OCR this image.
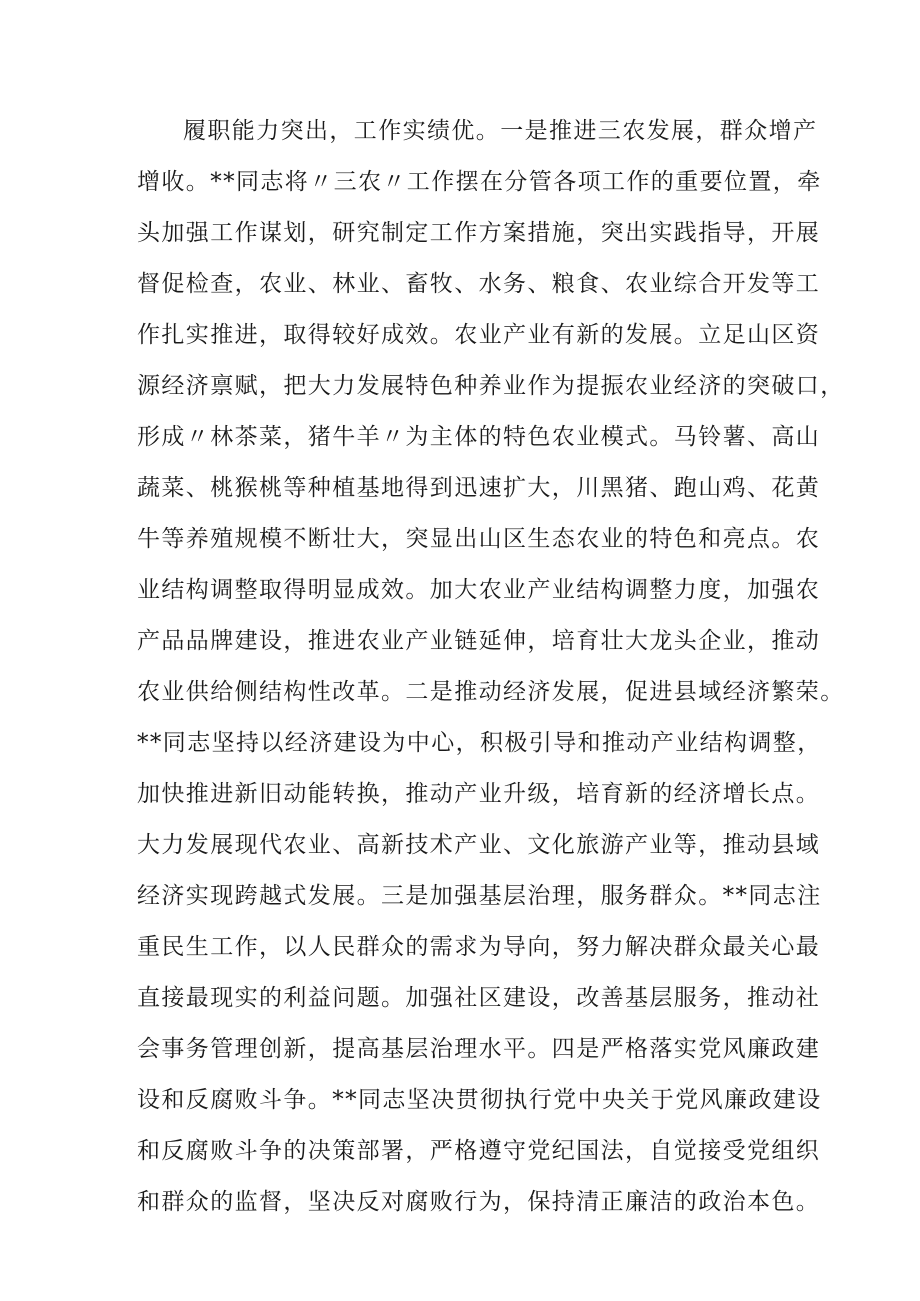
履职能力突出，工作实绩优。一是推进三农发展，群众增产
增收。**同志将〃三农〃工作摆在分管各项工作的重要位置，牵
头加强工作谋划，研究制定工作方案措施，突出实践指导，开展
督促检查，农业、林业、畜牧、水务、粮食、农业综合开发等工
作扎实推进，取得较好成效。农业产业有新的发展。立足山区资
源经济禀赋，把大力发展特色种养业作为提振农业经济的突破口，
形成〃林茶菜，猪牛羊〃为主体的特色农业模式。马铃薯、高山
蔬菜、桃猴桃等种植基地得到迅速扩大，川黑猪、跑山鸡、花黄
牛等养殖规模不断壮大，突显出山区生态农业的特色和亮点。农
业结构调整取得明显成效。加大农业产业结构调整力度，加强农
产品品牌建设，推进农业产业链延伸，培育壮大龙头企业，推动
农业供给侧结构性改革。二是推动经济发展，促进县域经济繁荣。
**同志坚持以经济建设为中心，积极引导和推动产业结构调整，
加快推进新旧动能转换，推动产业升级，培育新的经济增长点。
大力发展现代农业、高新技术产业、文化旅游产业等，推动县域
经济实现跨越式发展。三是加强基层治理，服务群众。**同志注
重民生工作，以人民群众的需求为导向，努力解决群众最关心最
直接最现实的利益问题。加强社区建设，改善基层服务，推动社
会事务管理创新，提高基层治理水平。四是严格落实党风廉政建
设和反腐败斗争。**同志坚决贯彻执行党中央关于党风廉政建设
和反腐败斗争的决策部署，严格遵守党纪国法，自觉接受党组织
和群众的监督，坚决反对腐败行为，保持清正廉洁的政治本色。
